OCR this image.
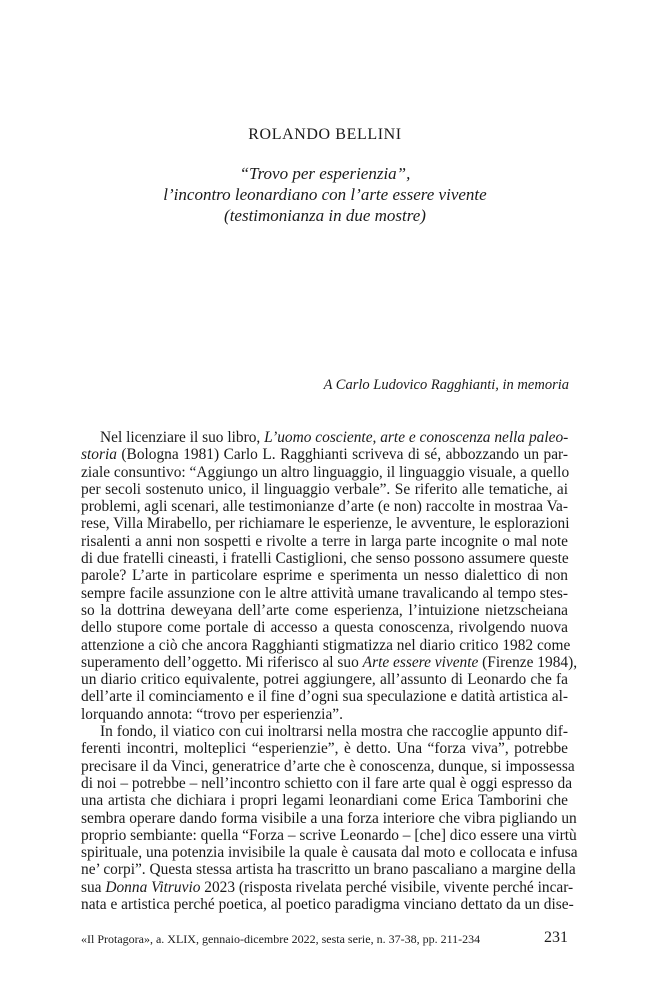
ROLANDO BELLINI
“Trovo per esperienzia”,
l’incontro leonardiano con l’arte essere vivente
(testimonianza in due mostre)
A Carlo Ludovico Ragghianti, in memoria
Nel licenziare il suo libro, L’uomo cosciente, arte e conoscenza nella paleo-
storia (Bologna 1981) Carlo L. Ragghianti scriveva di sé, abbozzando un par-
ziale consuntivo: “Aggiungo un altro linguaggio, il linguaggio visuale, a quello
per secoli sostenuto unico, il linguaggio verbale”. Se riferito alle tematiche, ai
problemi, agli scenari, alle testimonianze d’arte (e non) raccolte in mostraa Va-
rese, Villa Mirabello, per richiamare le esperienze, le avventure, le esplorazioni
risalenti a anni non sospetti e rivolte a terre in larga parte incognite o mal note
di due fratelli cineasti, i fratelli Castiglioni, che senso possono assumere queste
parole? L’arte in particolare esprime e sperimenta un nesso dialettico di non
sempre facile assunzione con le altre attività umane travalicando al tempo stes-
so la dottrina deweyana dell’arte come esperienza, l’intuizione nietzscheiana
dello stupore come portale di accesso a questa conoscenza, rivolgendo nuova
attenzione a ciò che ancora Ragghianti stigmatizza nel diario critico 1982 come
superamento dell’oggetto. Mi riferisco al suo Arte essere vivente (Firenze 1984),
un diario critico equivalente, potrei aggiungere, all’assunto di Leonardo che fa
dell’arte il cominciamento e il fine d’ogni sua speculazione e datità artistica al-
lorquando annota: “trovo per esperienzia”.
In fondo, il viatico con cui inoltrarsi nella mostra che raccoglie appunto dif-
ferenti incontri, molteplici “esperienzie”, è detto. Una “forza viva”, potrebbe
precisare il da Vinci, generatrice d’arte che è conoscenza, dunque, si impossessa
di noi – potrebbe – nell’incontro schietto con il fare arte qual è oggi espresso da
una artista che dichiara i propri legami leonardiani come Erica Tamborini che
sembra operare dando forma visibile a una forza interiore che vibra pigliando un
proprio sembiante: quella “Forza – scrive Leonardo – [che] dico essere una virtù
spirituale, una potenzia invisibile la quale è causata dal moto e collocata e infusa
ne’ corpi”. Questa stessa artista ha trascritto un brano pascaliano a margine della
sua Donna Vitruvio 2023 (risposta rivelata perché visibile, vivente perché incar-
nata e artistica perché poetica, al poetico paradigma vinciano dettato da un dise-
«Il Protagora», a. XLIX, gennaio-dicembre 2022, sesta serie, n. 37-38, pp. 211-234	231
